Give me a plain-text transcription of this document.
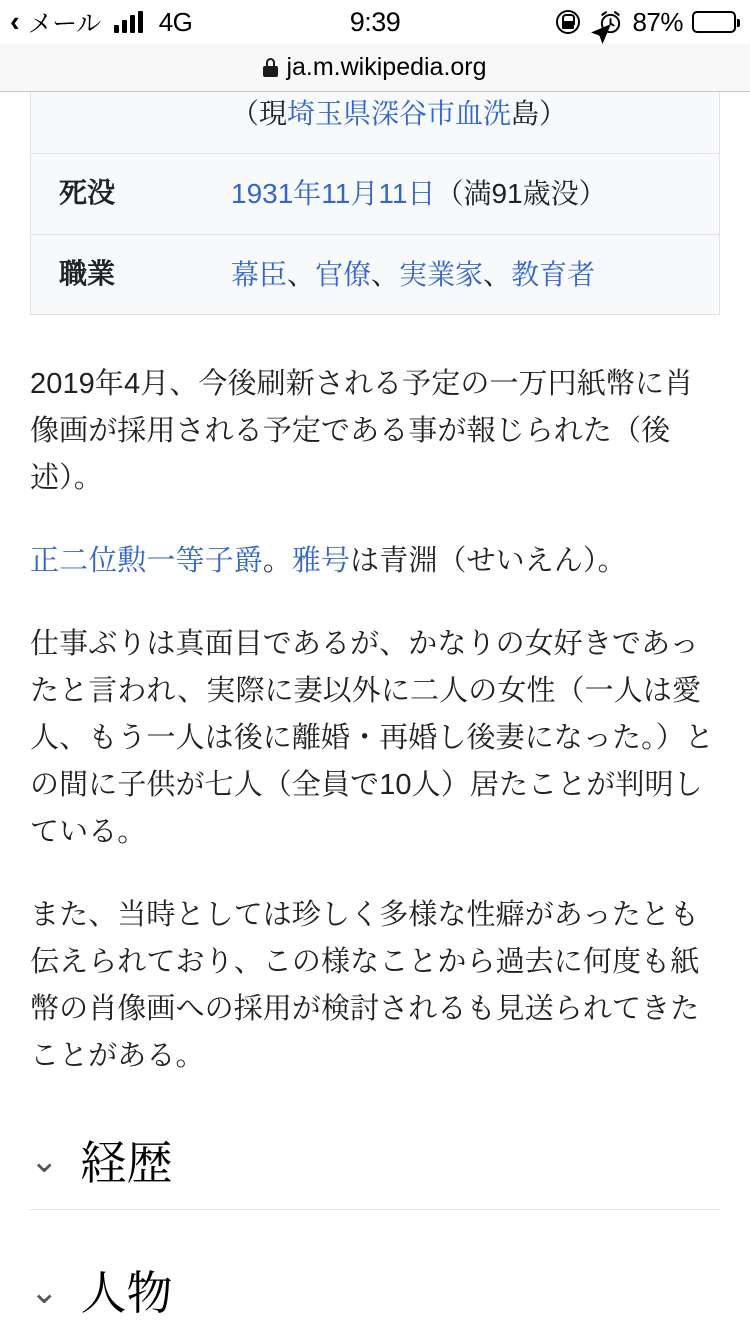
‹ メール 4G	9:39	87%
ja.m.wikipedia.org
（現埼玉県深谷市血洗島）
死没	1931年11月11日（満91歳没）
職業	幕臣、官僚、実業家、教育者

2019年4月、今後刷新される予定の一万円紙幣に肖像画が採用される予定である事が報じられた（後述）。

正二位勲一等子爵。雅号は青淵（せいえん）。

仕事ぶりは真面目であるが、かなりの女好きであったと言われ、実際に妻以外に二人の女性（一人は愛人、もう一人は後に離婚・再婚し後妻になった。）との間に子供が七人（全員で10人）居たことが判明している。

また、当時としては珍しく多様な性癖があったとも伝えられており、この様なことから過去に何度も紙幣の肖像画への採用が検討されるも見送られてきたことがある。

⌄ 経歴
⌄ 人物
